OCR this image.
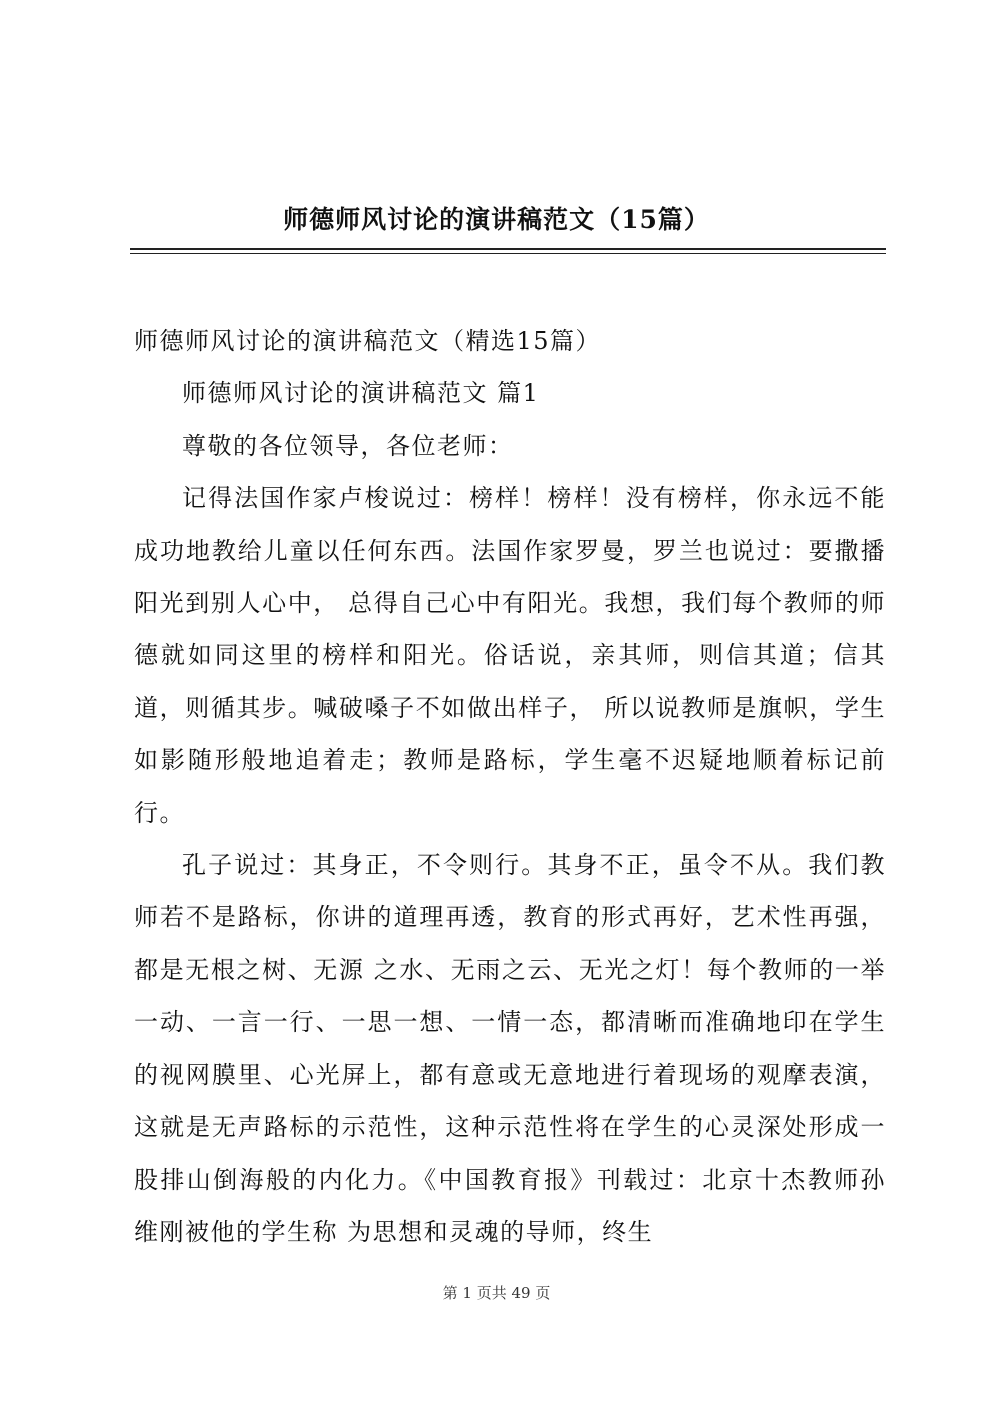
师德师风讨论的演讲稿范文（15篇）

师德师风讨论的演讲稿范文（精选15篇）

师德师风讨论的演讲稿范文 篇1

尊敬的各位领导，各位老师：

记得法国作家卢梭说过：榜样！榜样！没有榜样，你永远不能成功地教给儿童以任何东西。法国作家罗曼，罗兰也说过：要撒播阳光到别人心中， 总得自己心中有阳光。我想，我们每个教师的师德就如同这里的榜样和阳光。俗话说，亲其师，则信其道；信其道，则循其步。喊破嗓子不如做出样子， 所以说教师是旗帜，学生如影随形般地追着走；教师是路标，学生毫不迟疑地顺着标记前行。

孔子说过：其身正，不令则行。其身不正，虽令不从。我们教师若不是路标，你讲的道理再透，教育的形式再好，艺术性再强，都是无根之树、无源 之水、无雨之云、无光之灯！每个教师的一举一动、一言一行、一思一想、一情一态，都清晰而准确地印在学生的视网膜里、心光屏上，都有意或无意地进行着现场的观摩表演，这就是无声路标的示范性，这种示范性将在学生的心灵深处形成一股排山倒海般的内化力。《中国教育报》刊载过：北京十杰教师孙维刚被他的学生称 为思想和灵魂的导师，终生

第 1 页共 49 页
